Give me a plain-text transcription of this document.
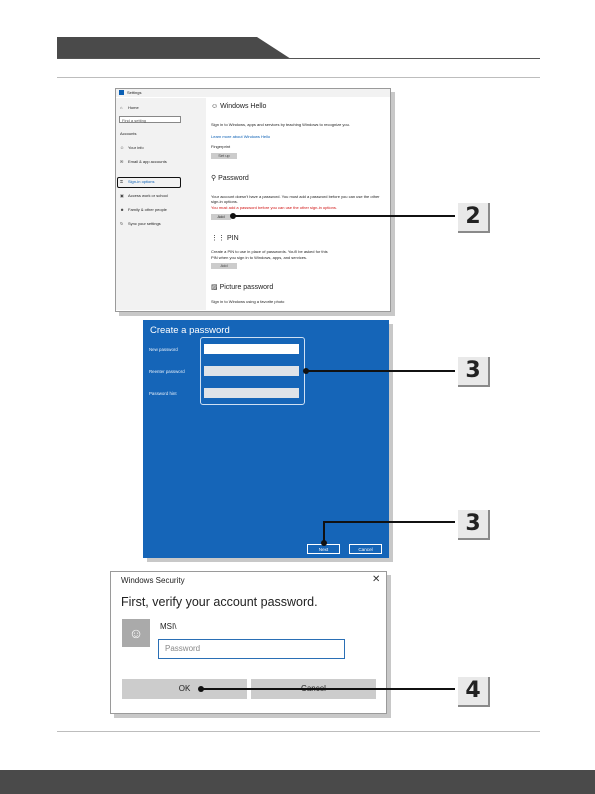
Settings
⌂ Home
Find a setting
Accounts
☺ Your info
✉ Email & app accounts
⚿ Sign-in options
▣ Access work or school
☻ Family & other people
↻ Sync your settings
☺ Windows Hello
Sign in to Windows, apps and services by teaching Windows to recognize you.
Learn more about Windows Hello
Fingerprint
Set up
⚲ Password
Your account doesn't have a password. You must add a password before you can use the other
sign-in options.
You must add a password before you can use the other sign-in options.
Add
⋮⋮ PIN
Create a PIN to use in place of passwords. You'll be asked for this
PIN when you sign in to Windows, apps, and services.
Add
▨ Picture password
Sign in to Windows using a favorite photo
2
Create a password
New password
Reenter password
Password hint
Next	Cancel
3
3
Windows Security	✕
First, verify your account password.
☺	MSI\
Password
OK	4
